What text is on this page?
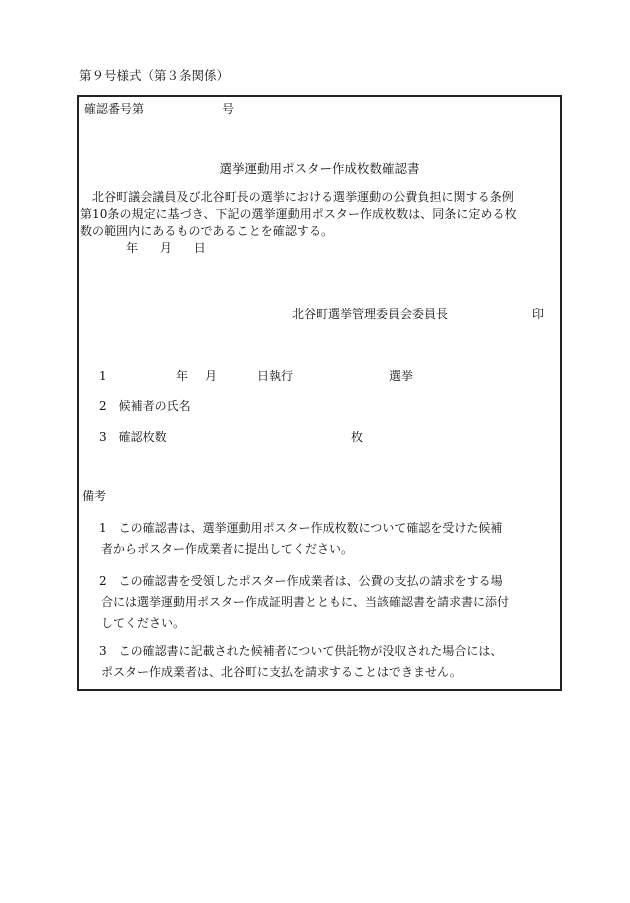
第９号様式（第３条関係）
確認番号第	号
選挙運動用ポスター作成枚数確認書
　北谷町議会議員及び北谷町長の選挙における選挙運動の公費負担に関する条例
第10条の規定に基づき、下記の選挙運動用ポスター作成枚数は、同条に定める枚
数の範囲内にあるものであることを確認する。
年 月 日
北谷町選挙管理委員会委員長	印
1	年 月	日執行	選挙
2　候補者の氏名
3　確認枚数	枚
備考
1　この確認書は、選挙運動用ポスター作成枚数について確認を受けた候補
者からポスター作成業者に提出してください。
2　この確認書を受領したポスター作成業者は、公費の支払の請求をする場
合には選挙運動用ポスター作成証明書とともに、当該確認書を請求書に添付
してください。
3　この確認書に記載された候補者について供託物が没収された場合には、
ポスター作成業者は、北谷町に支払を請求することはできません。
